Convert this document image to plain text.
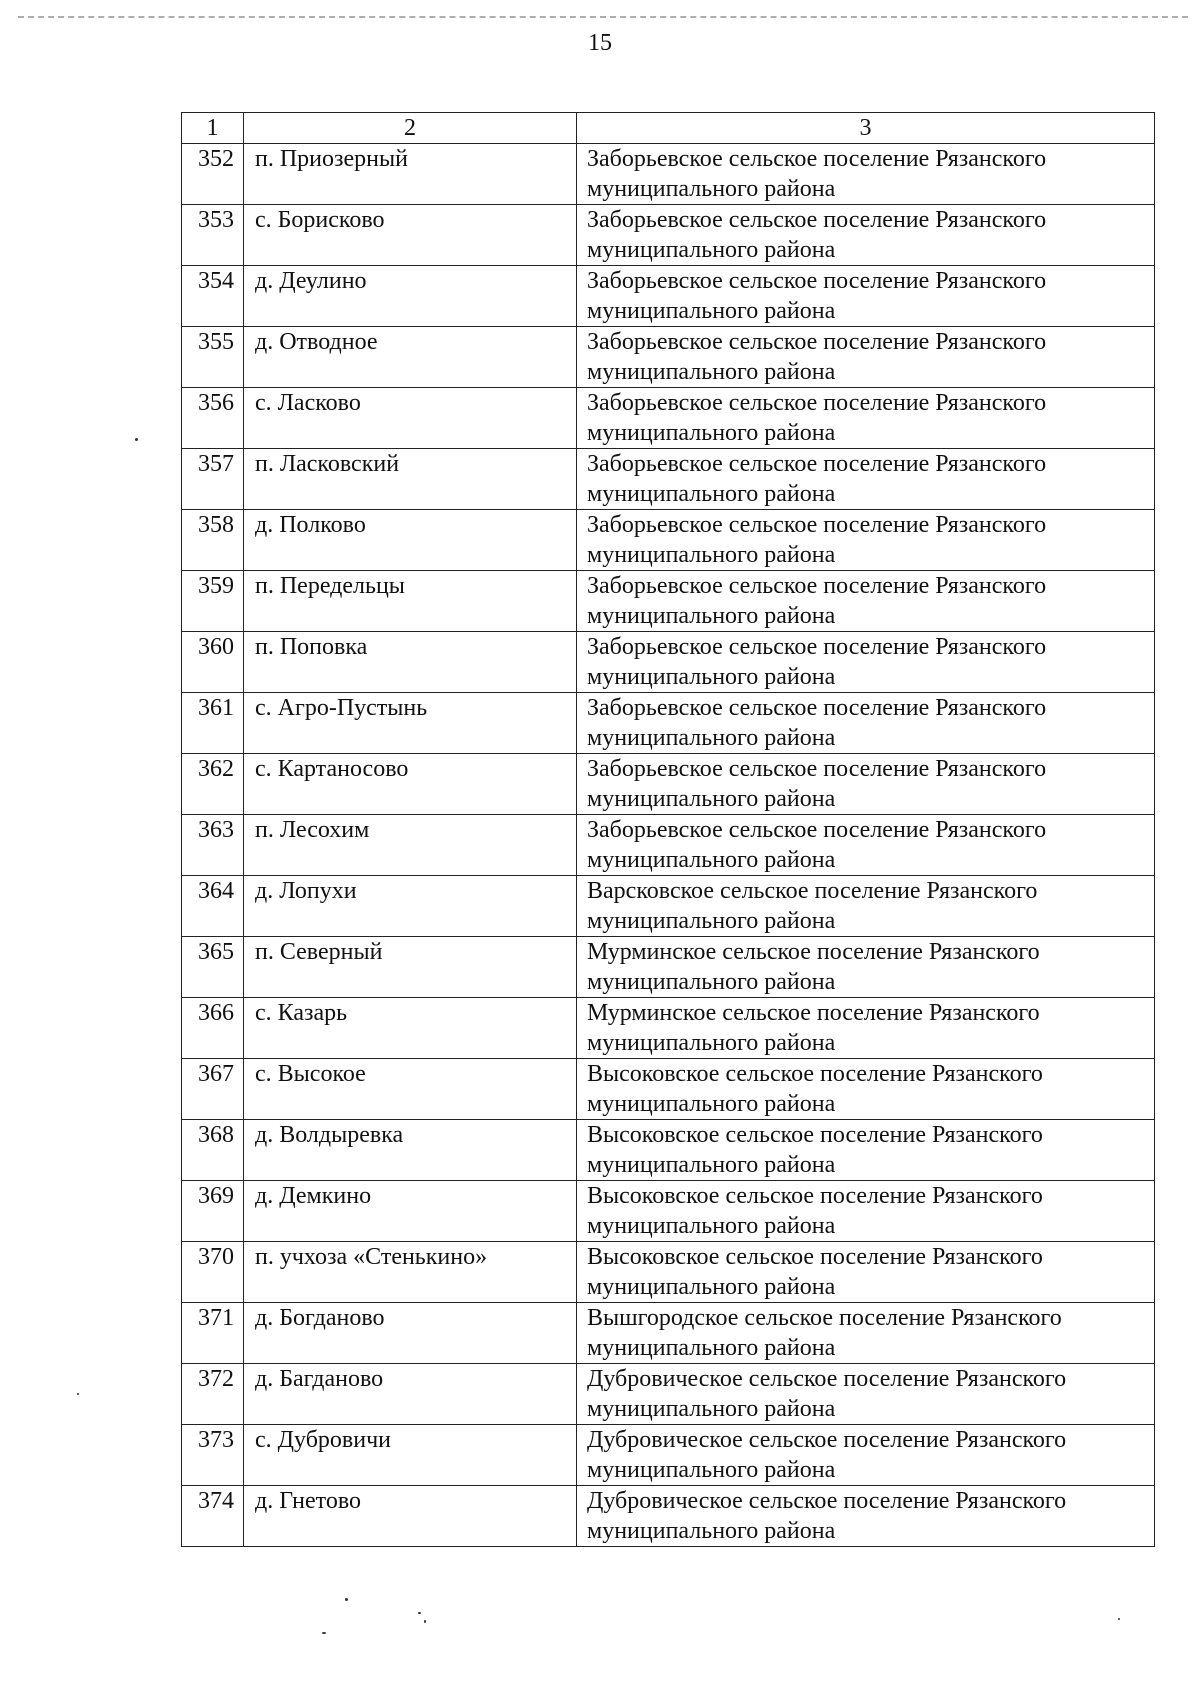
15
1	2	3
352	п. Приозерный	Заборьевское сельское поселение Рязанского
муниципального района

353	с. Борисково	Заборьевское сельское поселение Рязанского
муниципального района

354	д. Деулино	Заборьевское сельское поселение Рязанского
муниципального района

355	д. Отводное	Заборьевское сельское поселение Рязанского
муниципального района

356	с. Ласково	Заборьевское сельское поселение Рязанского
муниципального района

357	п. Ласковский	Заборьевское сельское поселение Рязанского
муниципального района

358	д. Полково	Заборьевское сельское поселение Рязанского
муниципального района

359	п. Передельцы	Заборьевское сельское поселение Рязанского
муниципального района

360	п. Поповка	Заборьевское сельское поселение Рязанского
муниципального района

361	с. Агро-Пустынь	Заборьевское сельское поселение Рязанского
муниципального района

362	с. Картаносово	Заборьевское сельское поселение Рязанского
муниципального района

363	п. Лесохим	Заборьевское сельское поселение Рязанского
муниципального района

364	д. Лопухи	Варсковское сельское поселение Рязанского
муниципального района

365	п. Северный	Мурминское сельское поселение Рязанского
муниципального района

366	с. Казарь	Мурминское сельское поселение Рязанского
муниципального района

367	с. Высокое	Высоковское сельское поселение Рязанского
муниципального района

368	д. Волдыревка	Высоковское сельское поселение Рязанского
муниципального района

369	д. Демкино	Высоковское сельское поселение Рязанского
муниципального района

370	п. учхоза «Стенькино»	Высоковское сельское поселение Рязанского
муниципального района

371	д. Богданово	Вышгородское сельское поселение Рязанского
муниципального района

372	д. Багданово	Дубровическое сельское поселение Рязанского
муниципального района

373	с. Дубровичи	Дубровическое сельское поселение Рязанского
муниципального района

374	д. Гнетово	Дубровическое сельское поселение Рязанского
муниципального района
